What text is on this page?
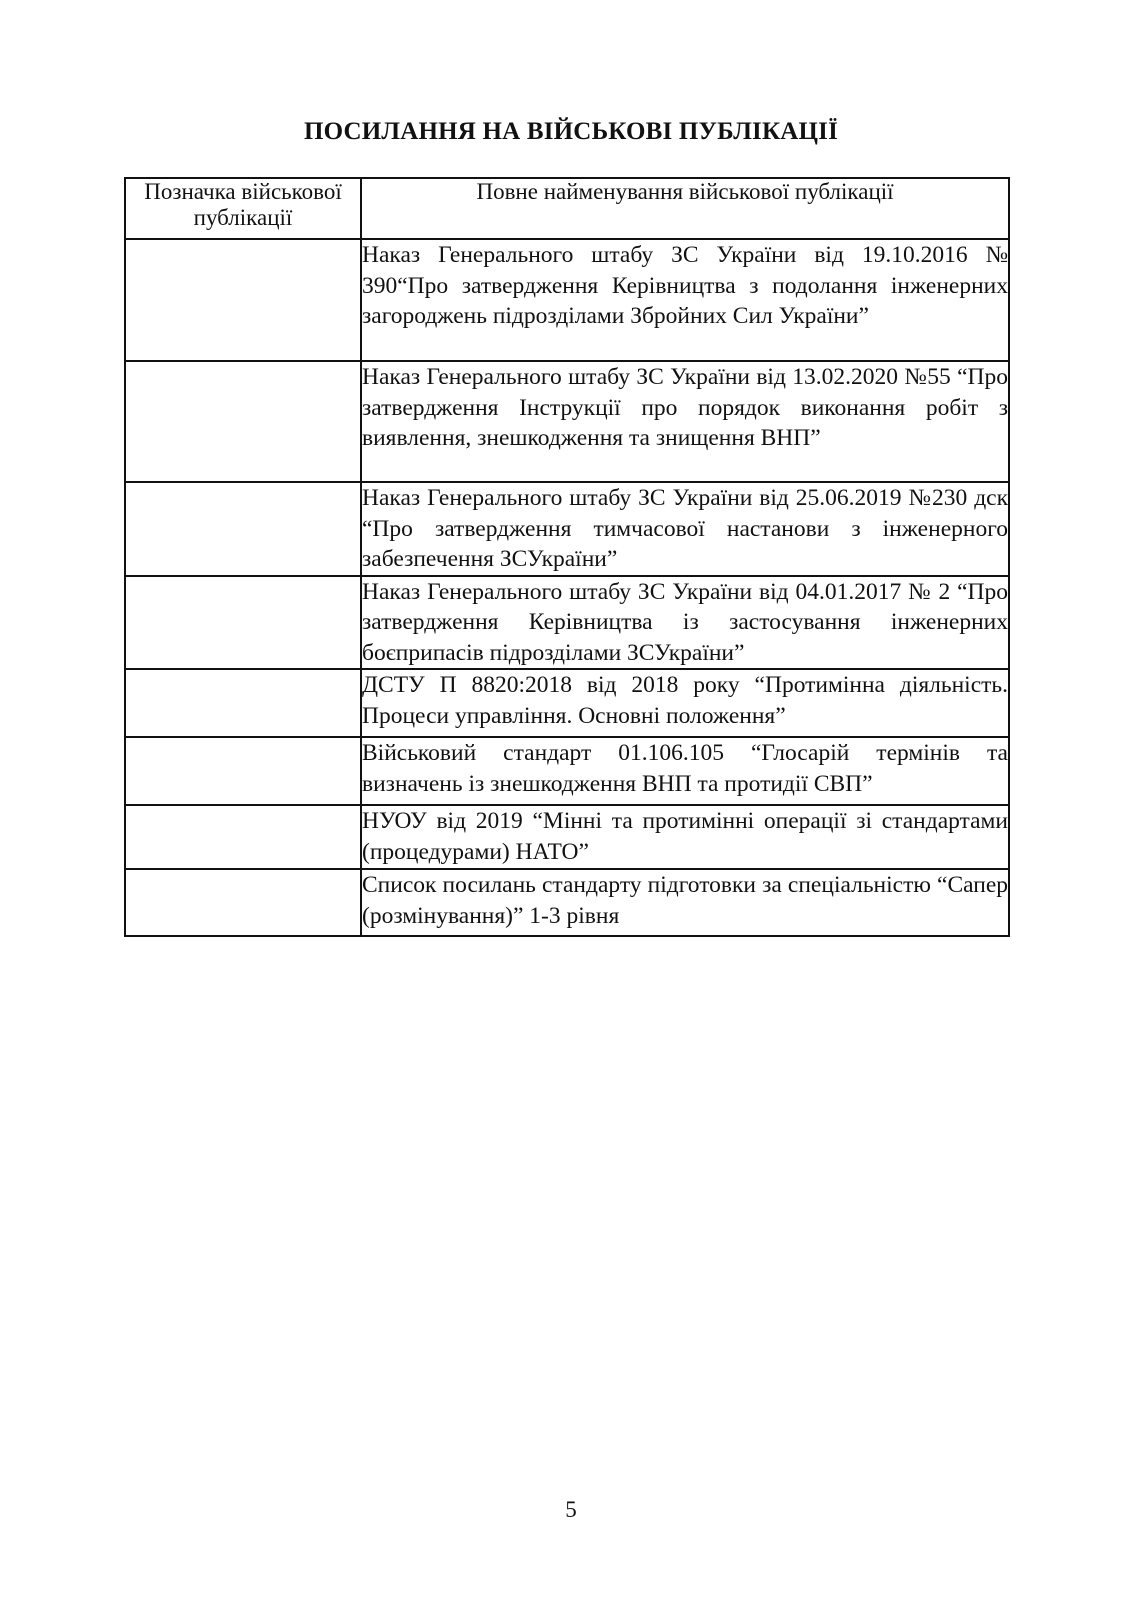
ПОСИЛАННЯ НА ВІЙСЬКОВІ ПУБЛІКАЦІЇ
Позначка військової публікації	Повне найменування військової публікації
	Наказ Генерального штабу ЗС України від 19.10.2016 № 390“Про затвердження Керівництва з подолання інженерних загороджень підрозділами Збройних Сил України”
	Наказ Генерального штабу ЗС України від 13.02.2020 №55 “Про затвердження Інструкції про порядок виконання робіт з виявлення, знешкодження та знищення ВНП”
	Наказ Генерального штабу ЗС України від 25.06.2019 №230 дск “Про затвердження тимчасової настанови з інженерного забезпечення ЗСУкраїни”
	Наказ Генерального штабу ЗС України від 04.01.2017 № 2 “Про затвердження Керівництва із застосування інженерних боєприпасів підрозділами ЗСУкраїни”
	ДСТУ П 8820:2018 від 2018 року “Протимінна діяльність. Процеси управління. Основні положення”
	Військовий стандарт 01.106.105 “Глосарій термінів та визначень із знешкодження ВНП та протидії СВП”
	НУОУ від 2019 “Мінні та протимінні операції зі стандартами (процедурами) НАТО”
	Список посилань стандарту підготовки за спеціальністю “Сапер (розмінування)” 1-3 рівня
5
